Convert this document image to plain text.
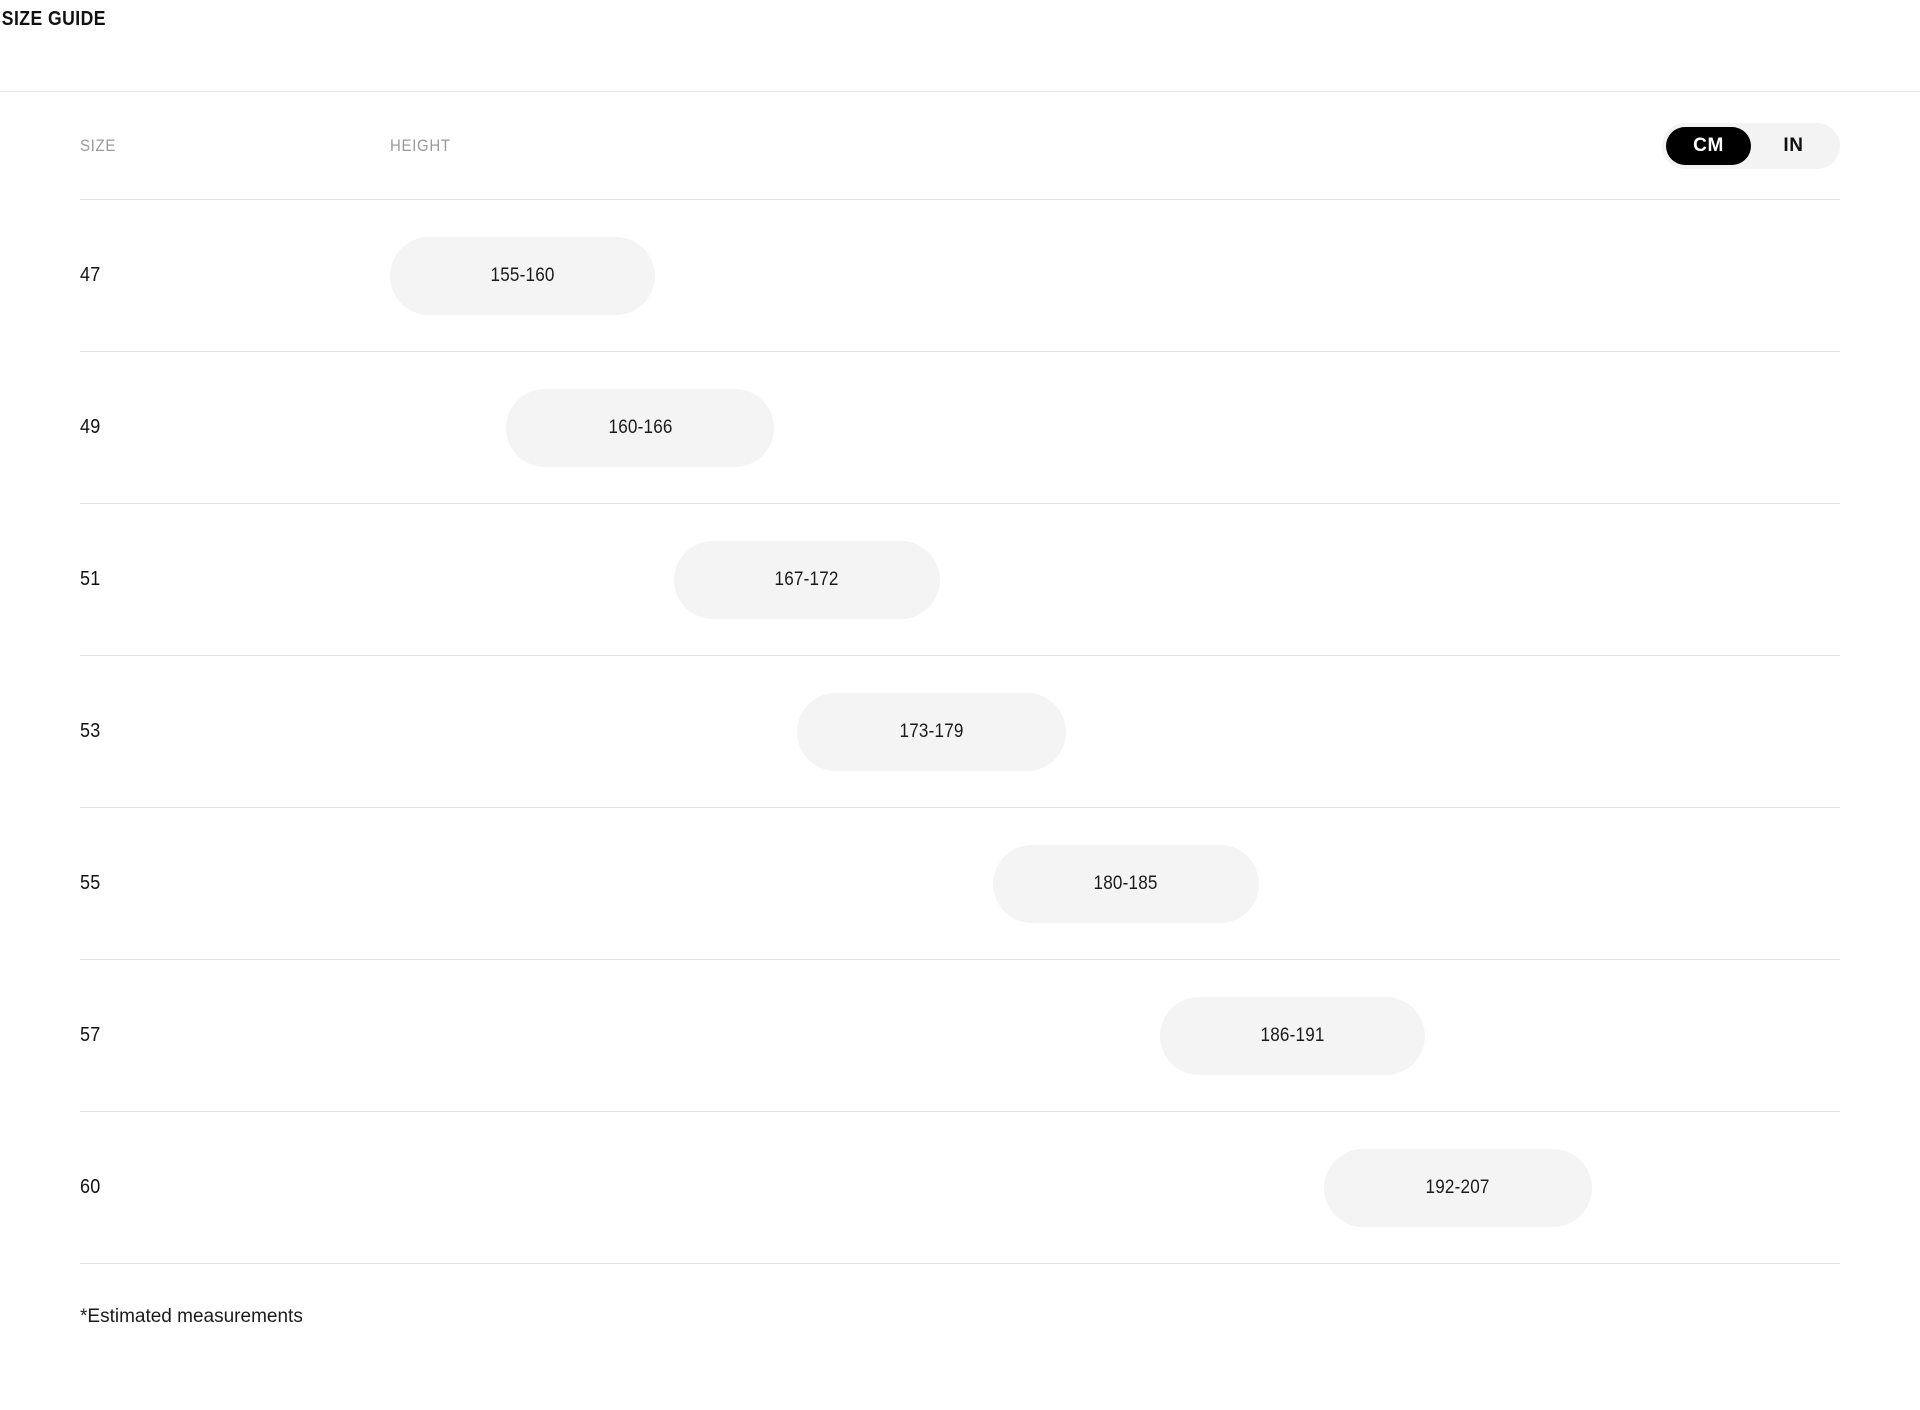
SIZE GUIDE
SIZE	HEIGHT	CM	IN
47	155-160
49	160-166
51	167-172
53	173-179
55	180-185
57	186-191
60	192-207
*Estimated measurements
